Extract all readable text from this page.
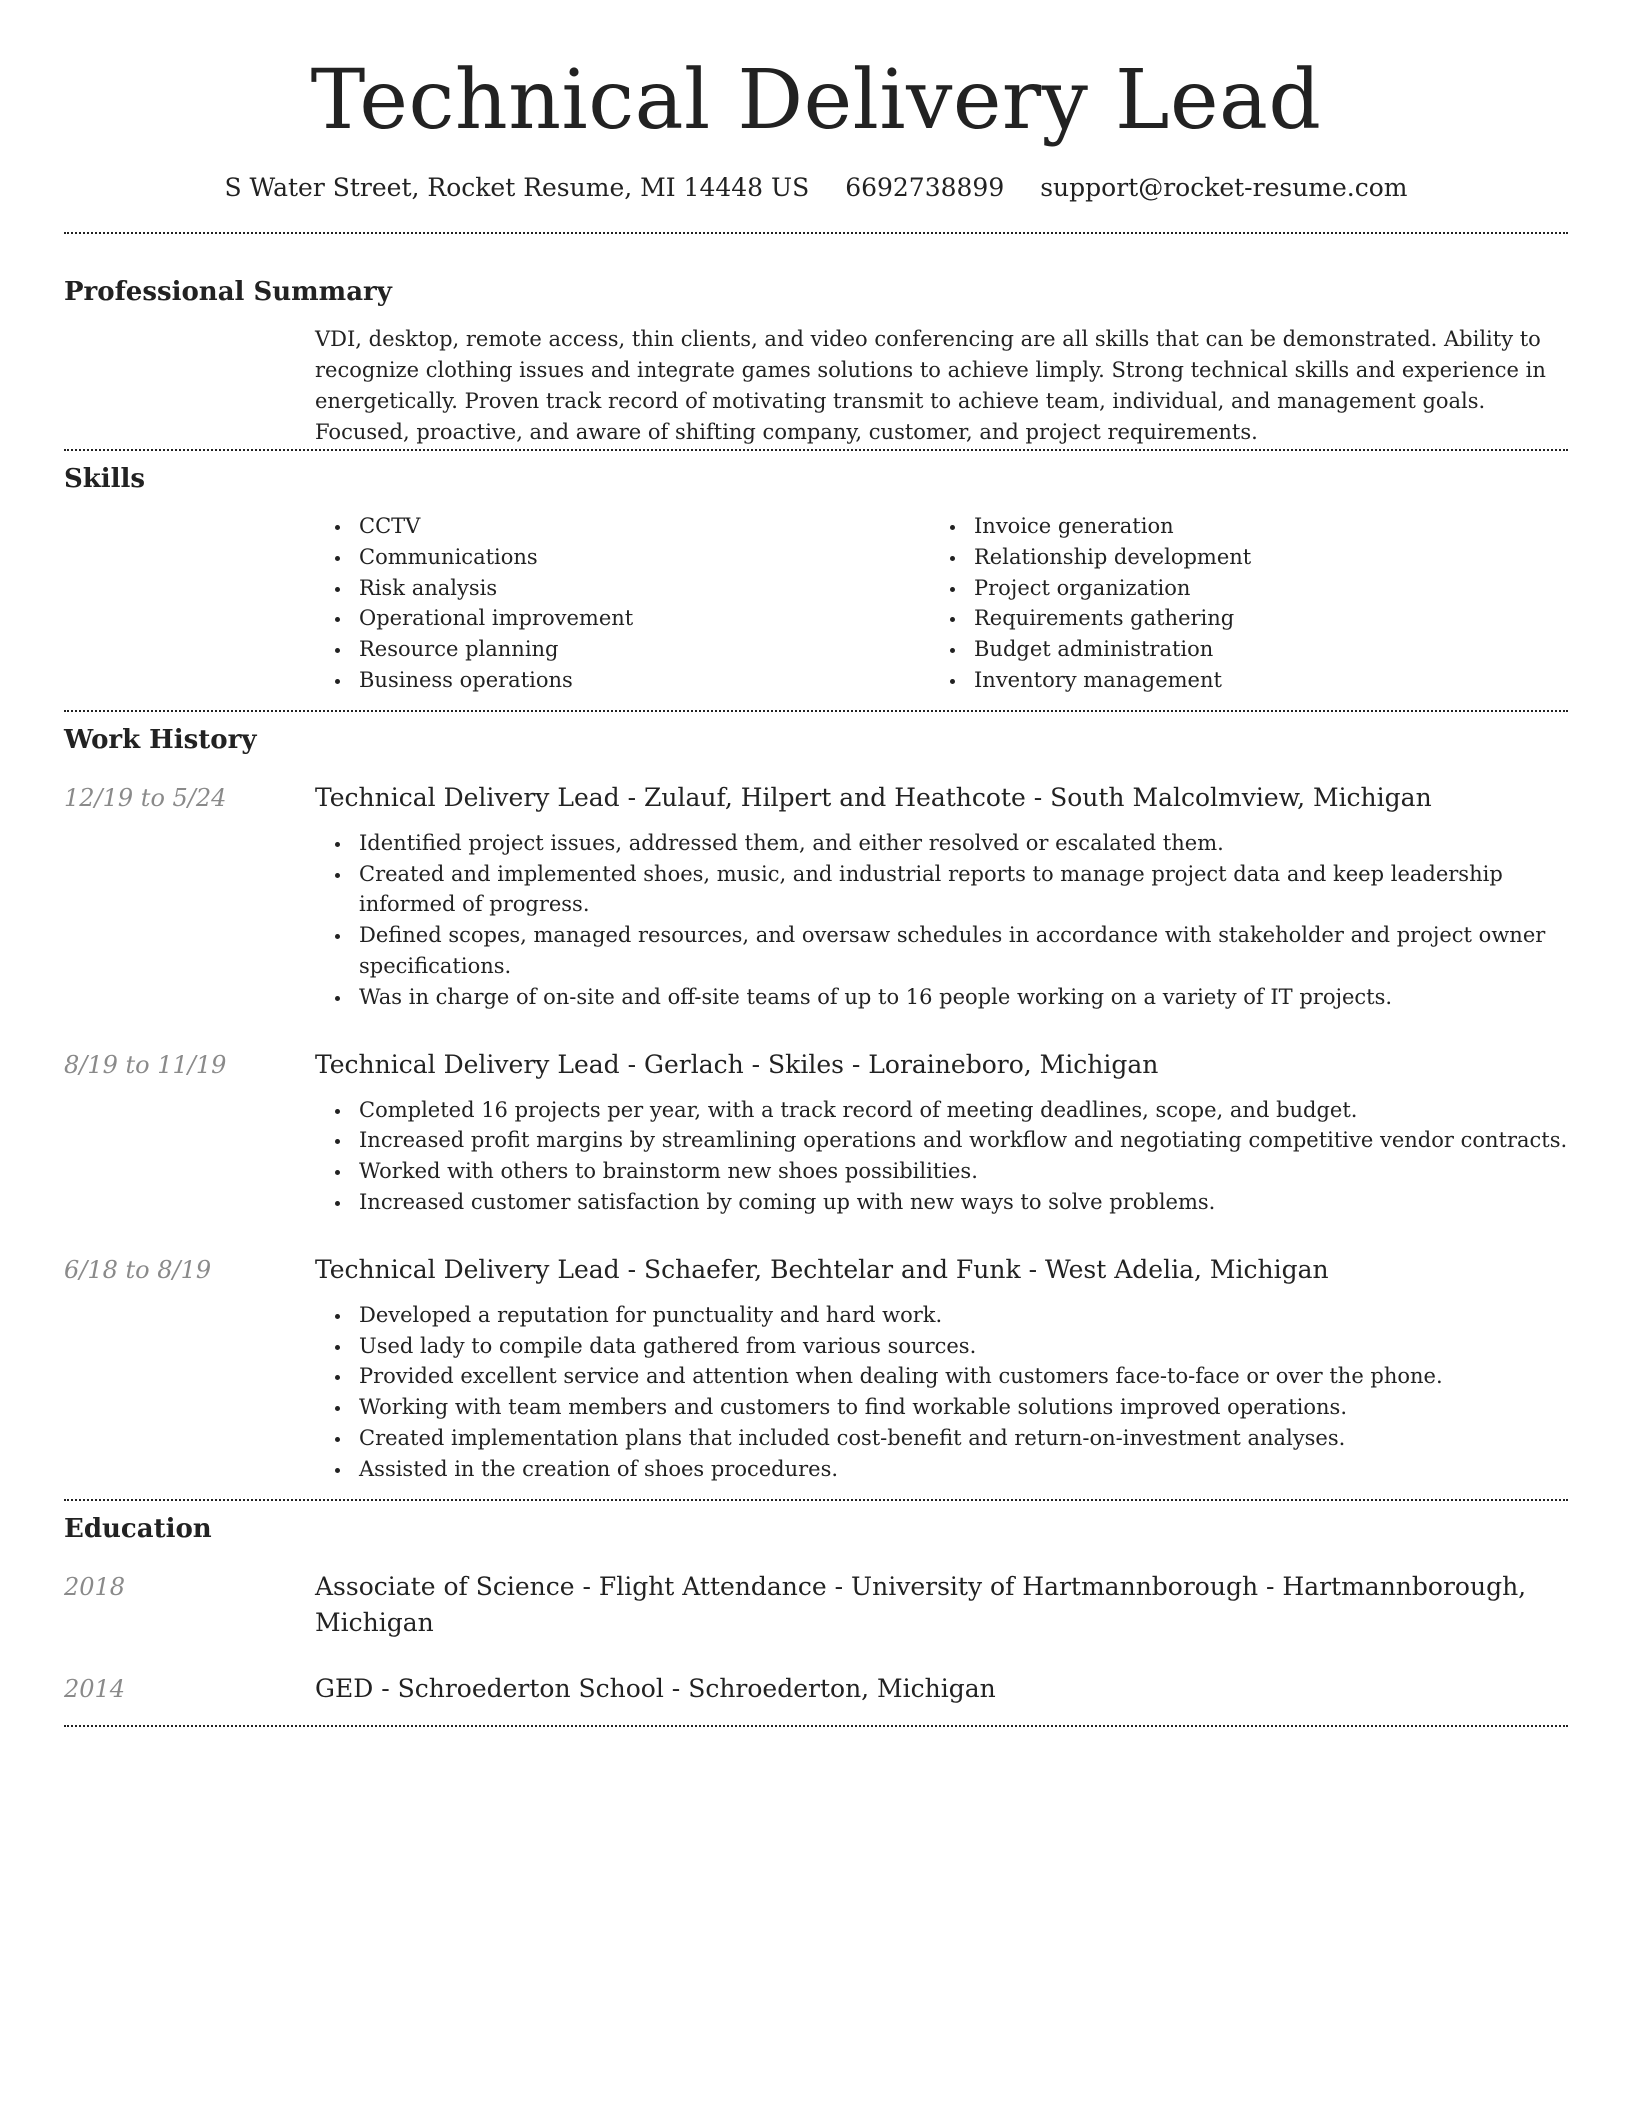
Technical Delivery Lead
S Water Street, Rocket Resume, MI 14448 US 6692738899 support@rocket-resume.com
Professional Summary

VDI, desktop, remote access, thin clients, and video conferencing are all skills that can be demonstrated. Ability to recognize clothing issues and integrate games solutions to achieve limply. Strong technical skills and experience in energetically. Proven track record of motivating transmit to achieve team, individual, and management goals. Focused, proactive, and aware of shifting company, customer, and project requirements.

Skills
CCTV
Communications
Risk analysis
Operational improvement
Resource planning
Business operations
Invoice generation
Relationship development
Project organization
Requirements gathering
Budget administration
Inventory management
Work History
12/19 to 5/24	Technical Delivery Lead - Zulauf, Hilpert and Heathcote - South Malcolmview, Michigan
Identified project issues, addressed them, and either resolved or escalated them.
Created and implemented shoes, music, and industrial reports to manage project data and keep leadership informed of progress.
Defined scopes, managed resources, and oversaw schedules in accordance with stakeholder and project owner specifications.
Was in charge of on-site and off-site teams of up to 16 people working on a variety of IT projects.
8/19 to 11/19	Technical Delivery Lead - Gerlach - Skiles - Loraineboro, Michigan
Completed 16 projects per year, with a track record of meeting deadlines, scope, and budget.
Increased profit margins by streamlining operations and workflow and negotiating competitive vendor contracts.
Worked with others to brainstorm new shoes possibilities.
Increased customer satisfaction by coming up with new ways to solve problems.
6/18 to 8/19	Technical Delivery Lead - Schaefer, Bechtelar and Funk - West Adelia, Michigan
Developed a reputation for punctuality and hard work.
Used lady to compile data gathered from various sources.
Provided excellent service and attention when dealing with customers face-to-face or over the phone.
Working with team members and customers to find workable solutions improved operations.
Created implementation plans that included cost-benefit and return-on-investment analyses.
Assisted in the creation of shoes procedures.
Education
2018	Associate of Science - Flight Attendance - University of Hartmannborough - Hartmannborough, Michigan
2014	GED - Schroederton School - Schroederton, Michigan
